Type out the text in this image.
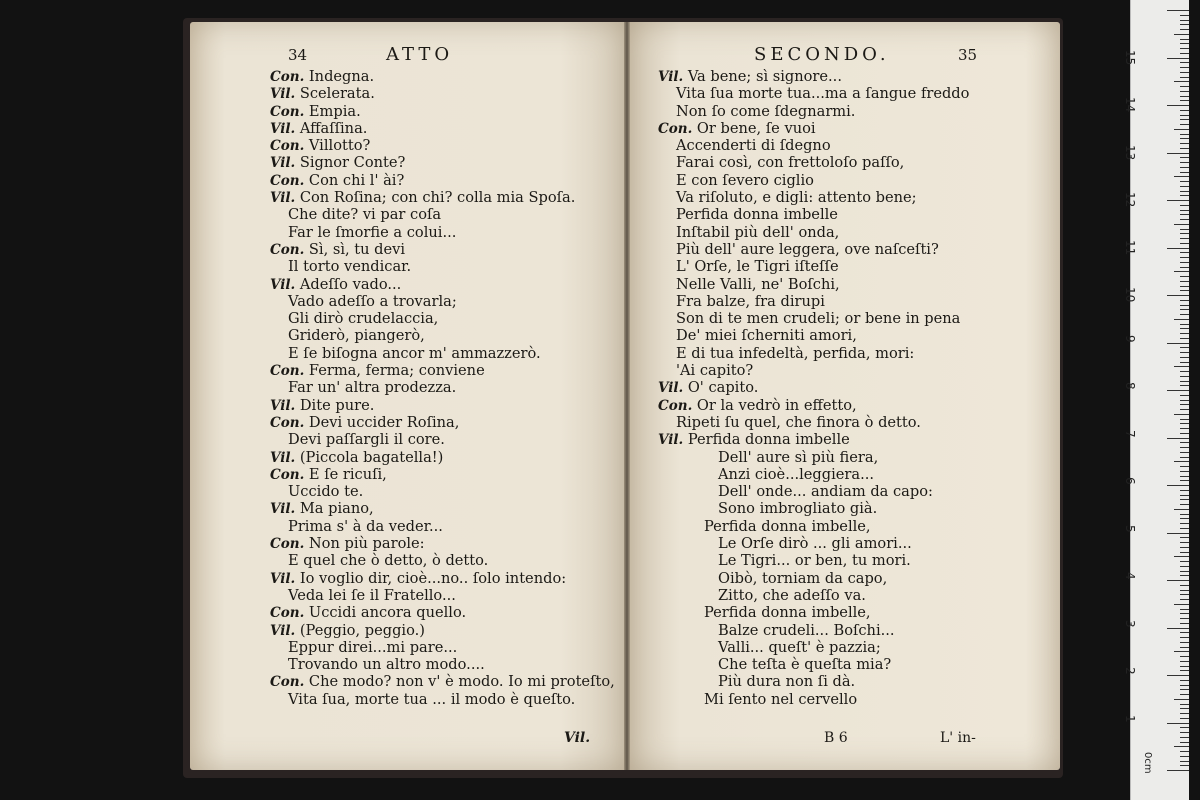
34	ATTO
Con. Indegna.
Vil. Scelerata.
Con. Empia.
Vil. Affaſſina.
Con. Villotto?
Vil. Signor Conte?
Con. Con chi l' ài?
Vil. Con Roſina; con chi? colla mia Spoſa.
Che dite? vi par coſa
Far le ſmorfie a colui...
Con. Sì, sì, tu devi
Il torto vendicar.
Vil. Adeſſo vado...
Vado adeſſo a trovarla;
Gli dirò crudelaccia,
Griderò, piangerò,
E ſe biſogna ancor m' ammazzerò.
Con. Ferma, ferma; conviene
Far un' altra prodezza.
Vil. Dite pure.
Con. Devi uccider Roſina,
Devi paſſargli il core.
Vil. (Piccola bagatella!)
Con. E ſe ricuſi,
Uccido te.
Vil. Ma piano,
Prima s' à da veder...
Con. Non più parole:
E quel che ò detto, ò detto.
Vil. Io voglio dir, cioè...no.. ſolo intendo:
Veda lei ſe il Fratello...
Con. Uccidi ancora quello.
Vil. (Peggio, peggio.)
Eppur direi...mi pare...
Trovando un altro modo....
Con. Che modo? non v' è modo. Io mi proteſto,
Vita ſua, morte tua ... il modo è queſto.
Vil.
SECONDO.	35
Vil. Va bene; sì signore...
Vita ſua morte tua...ma a ſangue freddo
Non ſo come ſdegnarmi.
Con. Or bene, ſe vuoi
Accenderti di ſdegno
Farai così, con frettoloſo paſſo,
E con ſevero ciglio
Va riſoluto, e digli: attento bene;
Perfida donna imbelle
Inſtabil più dell' onda,
Più dell' aure leggera, ove naſceſti?
L' Orſe, le Tigri iſteſſe
Nelle Valli, ne' Boſchi,
Fra balze, fra dirupi
Son di te men crudeli; or bene in pena
De' miei ſcherniti amori,
E di tua infedeltà, perfida, mori:
'Ai capito?
Vil. O' capito.
Con. Or la vedrò in effetto,
Ripeti ſu quel, che finora ò detto.
Vil. Perfida donna imbelle
Dell' aure sì più fiera,
Anzi cioè...leggiera...
Dell' onde... andiam da capo:
Sono imbrogliato già.
Perfida donna imbelle,
Le Orſe dirò ... gli amori...
Le Tigri... or ben, tu mori.
Oibò, torniam da capo,
Zitto, che adeſſo va.
Perfida donna imbelle,
Balze crudeli... Boſchi...
Valli... queſt' è pazzia;
Che teſta è queſta mia?
Più dura non ſi dà.
Mi ſento nel cervello
B 6	L' in-
0cm
1
2
3
4
5
6
7
8
9
10
11
12
13
14
15
